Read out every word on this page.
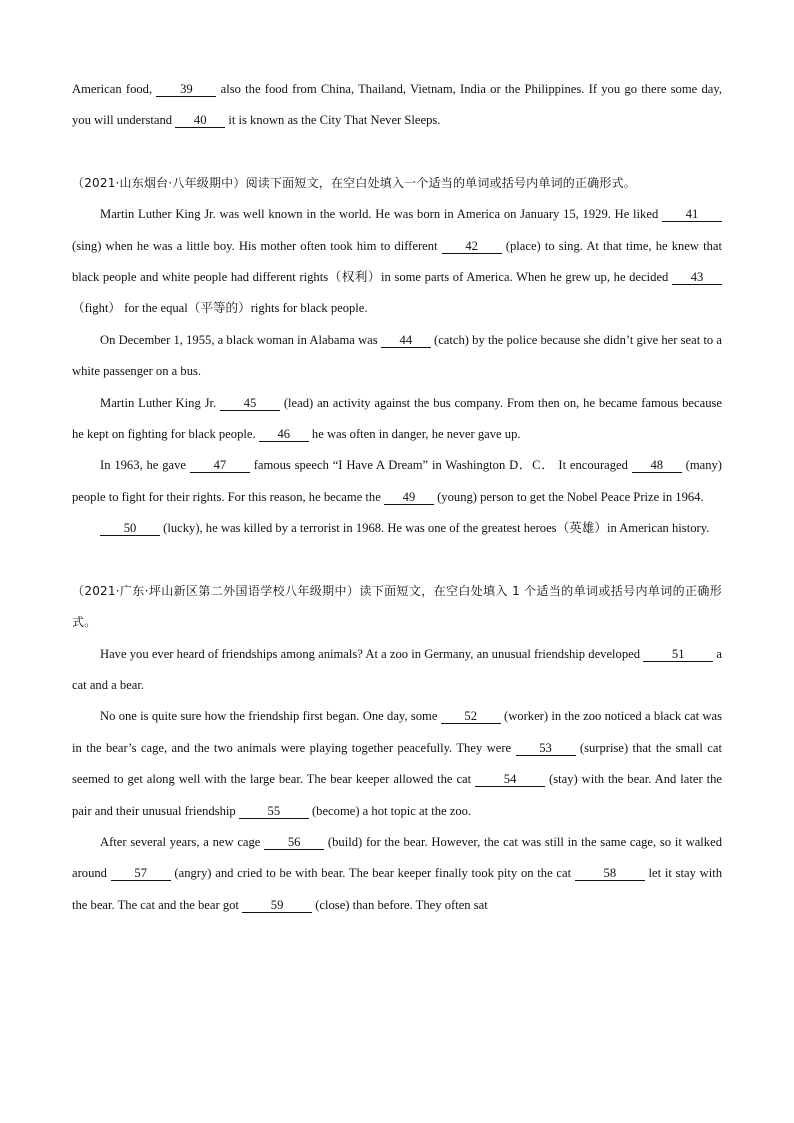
American food, 39 also the food from China, Thailand, Vietnam, India or the Philippines. If you go there some day, you will understand 40 it is known as the City That Never Sleeps.

（2021·山东烟台·八年级期中）阅读下面短文，在空白处填入一个适当的单词或括号内单词的正确形式。

Martin Luther King Jr. was well known in the world. He was born in America on January 15, 1929. He liked 41 (sing) when he was a little boy. His mother often took him to different 42 (place) to sing. At that time, he knew that black people and white people had different rights（权利）in some parts of America. When he grew up, he decided 43（fight） for the equal（平等的）rights for black people.

On December 1, 1955, a black woman in Alabama was 44 (catch) by the police because she didn’t give her seat to a white passenger on a bus.

Martin Luther King Jr. 45 (lead) an activity against the bus company. From then on, he became famous because he kept on fighting for black people. 46 he was often in danger, he never gave up.

In 1963, he gave 47 famous speech “I Have A Dream” in Washington D．C． It encouraged 48 (many) people to fight for their rights. For this reason, he became the 49 (young) person to get the Nobel Peace Prize in 1964.

50 (lucky), he was killed by a terrorist in 1968. He was one of the greatest heroes（英雄）in American history.

（2021·广东·坪山新区第二外国语学校八年级期中）读下面短文，在空白处填入 1 个适当的单词或括号内单词的正确形式。

Have you ever heard of friendships among animals? At a zoo in Germany, an unusual friendship developed 51 a cat and a bear.

No one is quite sure how the friendship first began. One day, some 52 (worker) in the zoo noticed a black cat was in the bear’s cage, and the two animals were playing together peacefully. They were 53 (surprise) that the small cat seemed to get along well with the large bear. The bear keeper allowed the cat 54 (stay) with the bear. And later the pair and their unusual friendship 55 (become) a hot topic at the zoo.

After several years, a new cage 56 (build) for the bear. However, the cat was still in the same cage, so it walked around 57 (angry) and cried to be with bear. The bear keeper finally took pity on the cat 58 let it stay with the bear. The cat and the bear got 59 (close) than before. They often sat
